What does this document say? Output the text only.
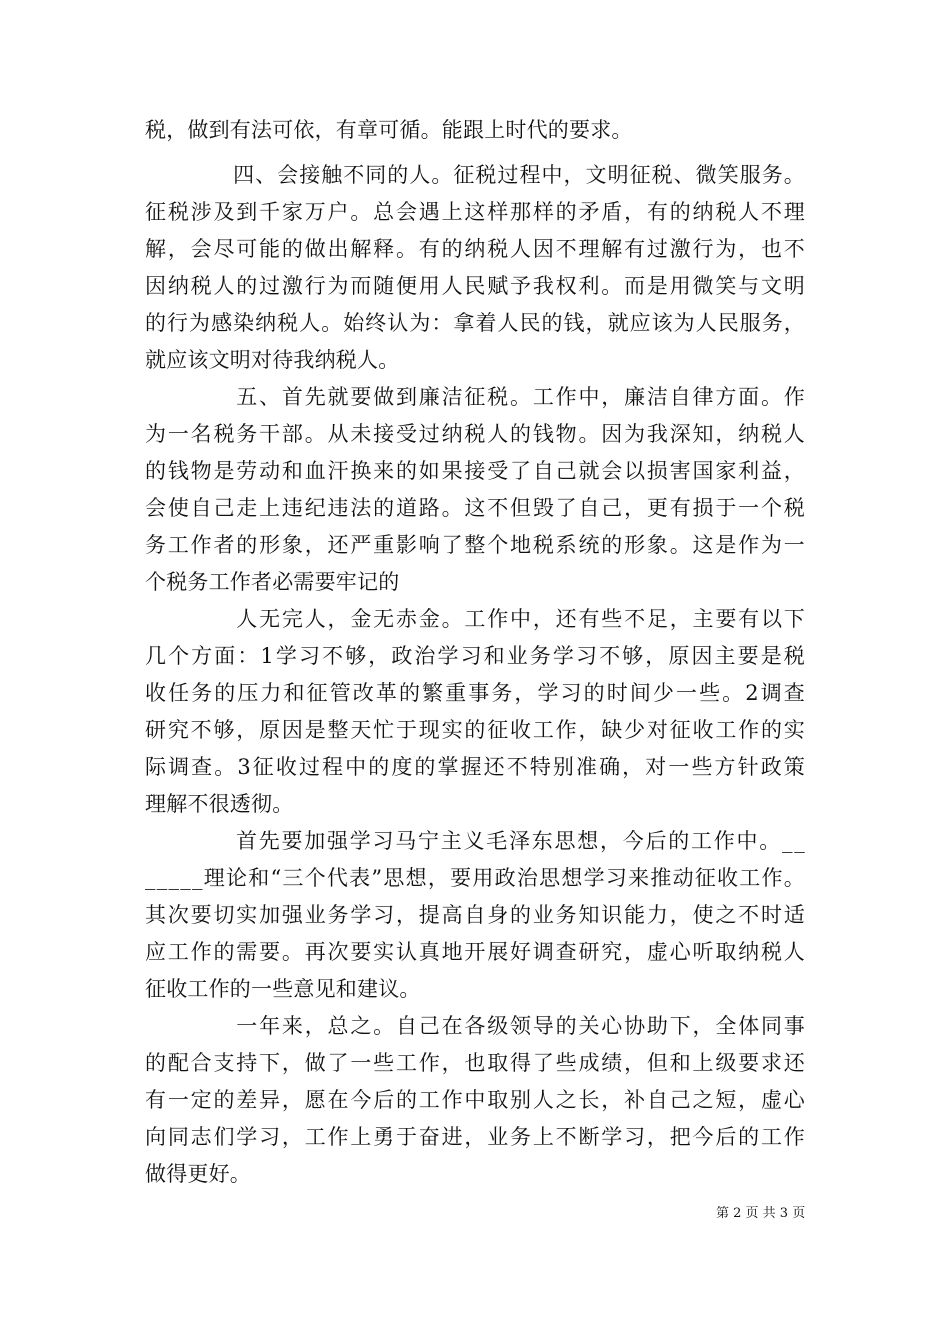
税，做到有法可依，有章可循。能跟上时代的要求。
　　　　四、会接触不同的人。征税过程中，文明征税、微笑服务。
征税涉及到千家万户。总会遇上这样那样的矛盾，有的纳税人不理
解，会尽可能的做出解释。有的纳税人因不理解有过激行为，也不
因纳税人的过激行为而随便用人民赋予我权利。而是用微笑与文明
的行为感染纳税人。始终认为：拿着人民的钱，就应该为人民服务，
就应该文明对待我纳税人。
　　　　五、首先就要做到廉洁征税。工作中，廉洁自律方面。作
为一名税务干部。从未接受过纳税人的钱物。因为我深知，纳税人
的钱物是劳动和血汗换来的如果接受了自己就会以损害国家利益，
会使自己走上违纪违法的道路。这不但毁了自己，更有损于一个税
务工作者的形象，还严重影响了整个地税系统的形象。这是作为一
个税务工作者必需要牢记的
　　　　人无完人，金无赤金。工作中，还有些不足，主要有以下
几个方面：1学习不够，政治学习和业务学习不够，原因主要是税
收任务的压力和征管改革的繁重事务，学习的时间少一些。2调查
研究不够，原因是整天忙于现实的征收工作，缺少对征收工作的实
际调查。3征收过程中的度的掌握还不特别准确，对一些方针政策
理解不很透彻。
　　　　首先要加强学习马宁主义毛泽东思想，今后的工作中。__
_____理论和“三个代表”思想，要用政治思想学习来推动征收工作。
其次要切实加强业务学习，提高自身的业务知识能力，使之不时适
应工作的需要。再次要实认真地开展好调查研究，虚心听取纳税人
征收工作的一些意见和建议。
　　　　一年来，总之。自己在各级领导的关心协助下，全体同事
的配合支持下，做了一些工作，也取得了些成绩，但和上级要求还
有一定的差异，愿在今后的工作中取别人之长，补自己之短，虚心
向同志们学习，工作上勇于奋进，业务上不断学习，把今后的工作
做得更好。
第 2 页 共 3 页
